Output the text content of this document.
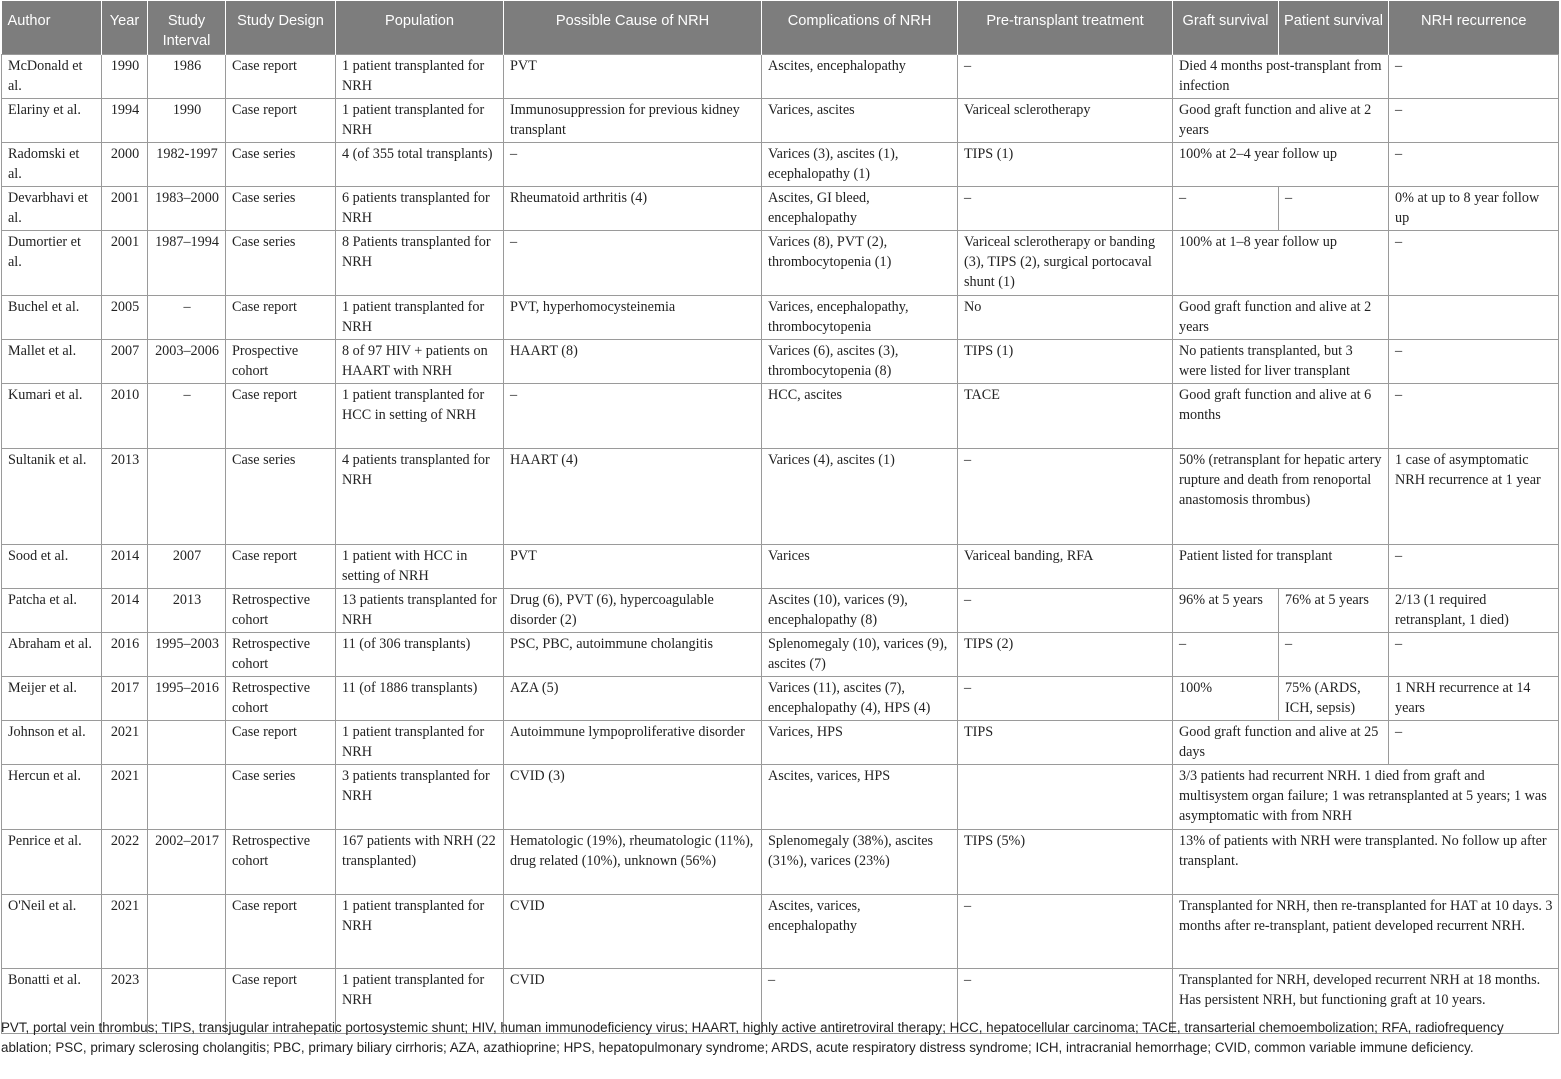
Author	Year	Study Interval	Study Design	Population	Possible Cause of NRH	Complications of NRH	Pre-transplant treatment	Graft survival	Patient survival	NRH recurrence
McDonald et al.	1990	1986	Case report	1 patient transplanted for NRH	PVT	Ascites, encephalopathy	–	Died 4 months post-transplant from infection		–
Elariny et al.	1994	1990	Case report	1 patient transplanted for NRH	Immunosuppression for previous kidney transplant	Varices, ascites	Variceal sclerotherapy	Good graft function and alive at 2 years		–
Radomski et al.	2000	1982-1997	Case series	4 (of 355 total transplants)	–	Varices (3), ascites (1), ecephalopathy (1)	TIPS (1)	100% at 2–4 year follow up		–
Devarbhavi et al.	2001	1983–2000	Case series	6 patients transplanted for NRH	Rheumatoid arthritis (4)	Ascites, GI bleed, encephalopathy	–	–	–	0% at up to 8 year follow up
Dumortier et al.	2001	1987–1994	Case series	8 Patients transplanted for NRH	–	Varices (8), PVT (2), thrombocytopenia (1)	Variceal sclerotherapy or banding (3), TIPS (2), surgical portocaval shunt (1)	100% at 1–8 year follow up		–
Buchel et al.	2005	–	Case report	1 patient transplanted for NRH	PVT, hyperhomocysteinemia	Varices, encephalopathy, thrombocytopenia	No	Good graft function and alive at 2 years		
Mallet et al.	2007	2003–2006	Prospective cohort	8 of 97 HIV + patients on HAART with NRH	HAART (8)	Varices (6), ascites (3), thrombocytopenia (8)	TIPS (1)	No patients transplanted, but 3 were listed for liver transplant		–
Kumari et al.	2010	–	Case report	1 patient transplanted for HCC in setting of NRH	–	HCC, ascites	TACE	Good graft function and alive at 6 months		–
Sultanik et al.	2013		Case series	4 patients transplanted for NRH	HAART (4)	Varices (4), ascites (1)	–	50% (retransplant for hepatic artery rupture and death from renoportal anastomosis thrombus)		1 case of asymptomatic NRH recurrence at 1 year
Sood et al.	2014	2007	Case report	1 patient with HCC in setting of NRH	PVT	Varices	Variceal banding, RFA	Patient listed for transplant		–
Patcha et al.	2014	2013	Retrospective cohort	13 patients transplanted for NRH	Drug (6), PVT (6), hypercoagulable disorder (2)	Ascites (10), varices (9), encephalopathy (8)	–	96% at 5 years	76% at 5 years	2/13 (1 required retransplant, 1 died)
Abraham et al.	2016	1995–2003	Retrospective cohort	11 (of 306 transplants)	PSC, PBC, autoimmune cholangitis	Splenomegaly (10), varices (9), ascites (7)	TIPS (2)	–	–	–
Meijer et al.	2017	1995–2016	Retrospective cohort	11 (of 1886 transplants)	AZA (5)	Varices (11), ascites (7), encephalopathy (4), HPS (4)	–	100%	75% (ARDS, ICH, sepsis)	1 NRH recurrence at 14 years
Johnson et al.	2021		Case report	1 patient transplanted for NRH	Autoimmune lympoproliferative disorder	Varices, HPS	TIPS	Good graft function and alive at 25 days		–
Hercun et al.	2021		Case series	3 patients transplanted for NRH	CVID (3)	Ascites, varices, HPS		3/3 patients had recurrent NRH. 1 died from graft and multisystem organ failure; 1 was retransplanted at 5 years; 1 was asymptomatic with from NRH		
Penrice et al.	2022	2002–2017	Retrospective cohort	167 patients with NRH (22 transplanted)	Hematologic (19%), rheumatologic (11%), drug related (10%), unknown (56%)	Splenomegaly (38%), ascites (31%), varices (23%)	TIPS (5%)	13% of patients with NRH were transplanted. No follow up after transplant.		
O'Neil et al.	2021		Case report	1 patient transplanted for NRH	CVID	Ascites, varices, encephalopathy	–	Transplanted for NRH, then re-transplanted for HAT at 10 days. 3 months after re-transplant, patient developed recurrent NRH.		
Bonatti et al.	2023		Case report	1 patient transplanted for NRH	CVID	–	–	Transplanted for NRH, developed recurrent NRH at 18 months. Has persistent NRH, but functioning graft at 10 years.		

PVT, portal vein thrombus; TIPS, transjugular intrahepatic portosystemic shunt; HIV, human immunodeficiency virus; HAART, highly active antiretroviral therapy; HCC, hepatocellular carcinoma; TACE, transarterial chemoembolization; RFA, radiofrequency ablation; PSC, primary sclerosing cholangitis; PBC, primary biliary cirrhoris; AZA, azathioprine; HPS, hepatopulmonary syndrome; ARDS, acute respiratory distress syndrome; ICH, intracranial hemorrhage; CVID, common variable immune deficiency.
